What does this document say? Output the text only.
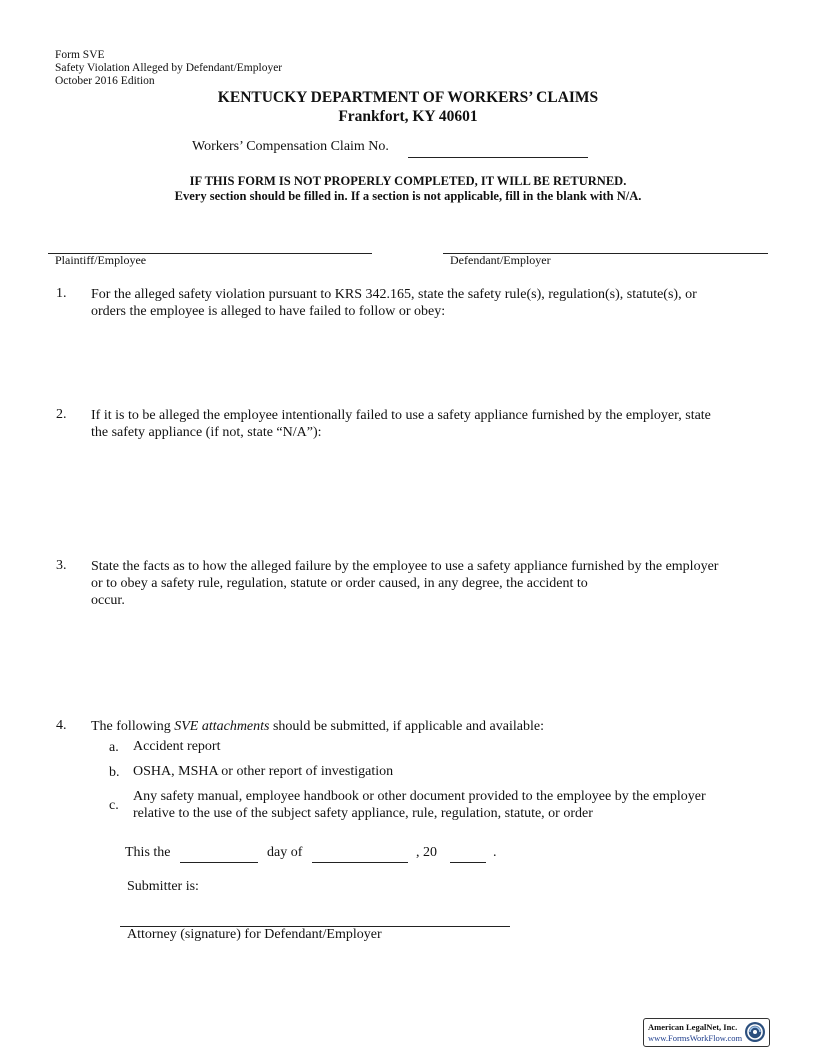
Form SVE
Safety Violation Alleged by Defendant/Employer
October 2016 Edition
KENTUCKY DEPARTMENT OF WORKERS’ CLAIMS
Frankfort, KY 40601
Workers’ Compensation Claim No.
IF THIS FORM IS NOT PROPERLY COMPLETED, IT WILL BE RETURNED.
Every section should be filled in. If a section is not applicable, fill in the blank with N/A.
Plaintiff/Employee	Defendant/Employer
1. For the alleged safety violation pursuant to KRS 342.165, state the safety rule(s), regulation(s), statute(s), or
orders the employee is alleged to have failed to follow or obey:
2. If it is to be alleged the employee intentionally failed to use a safety appliance furnished by the employer, state
the safety appliance (if not, state “N/A”):
3. State the facts as to how the alleged failure by the employee to use a safety appliance furnished by the employer
or to obey a safety rule, regulation, statute or order caused, in any degree, the accident to
occur.
4. The following SVE attachments should be submitted, if applicable and available:
a. Accident report
b. OSHA, MSHA or other report of investigation
c.
Any safety manual, employee handbook or other document provided to the employee by the employer
relative to the use of the subject safety appliance, rule, regulation, statute, or order
This the	day of	, 20	.
Submitter is:
Attorney (signature) for Defendant/Employer
American LegalNet, Inc.
www.FormsWorkFlow.com
